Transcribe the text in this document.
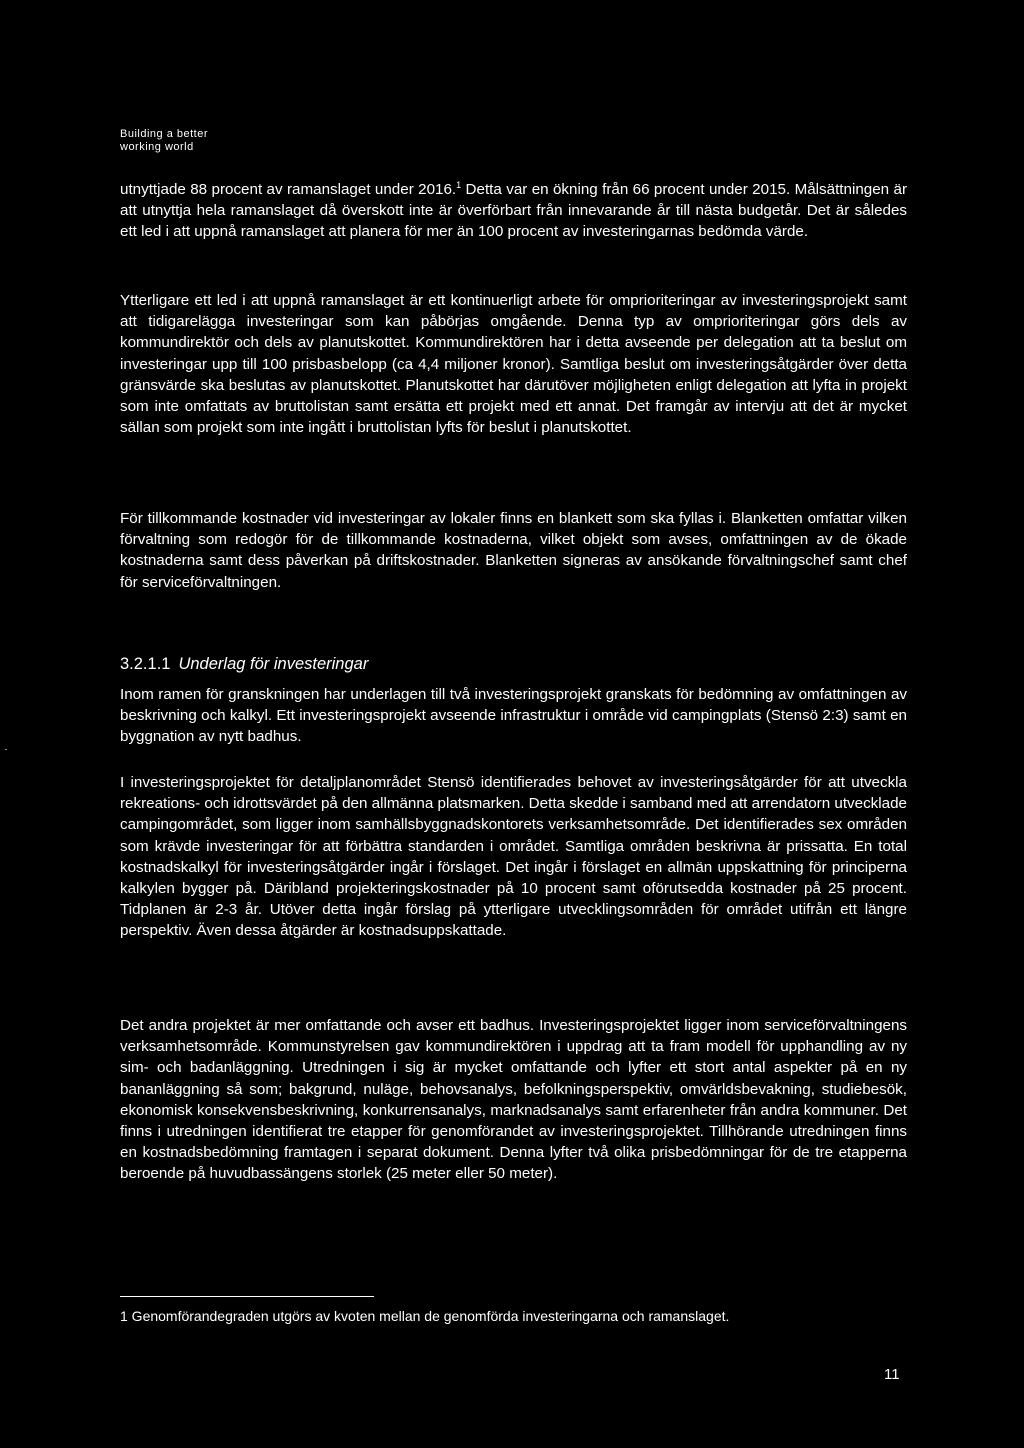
Building a better
working world

utnyttjade 88 procent av ramanslaget under 2016.$^1$ Detta var en ökning från 66 procent under 2015. Målsättningen är att utnyttja hela ramanslaget då överskott inte är överförbart från innevarande år till nästa budgetår. Det är således ett led i att uppnå ramanslaget att planera för mer än 100 procent av investeringarnas bedömda värde.

Ytterligare ett led i att uppnå ramanslaget är ett kontinuerligt arbete för omprioriteringar av investeringsprojekt samt att tidigarelägga investeringar som kan påbörjas omgående. Denna typ av omprioriteringar görs dels av kommundirektör och dels av planutskottet. Kommundirektören har i detta avseende per delegation att ta beslut om investeringar upp till 100 prisbasbelopp (ca 4,4 miljoner kronor). Samtliga beslut om investeringsåtgärder över detta gränsvärde ska beslutas av planutskottet. Planutskottet har därutöver möjligheten enligt delegation att lyfta in projekt som inte omfattats av bruttolistan samt ersätta ett projekt med ett annat. Det framgår av intervju att det är mycket sällan som projekt som inte ingått i bruttolistan lyfts för beslut i planutskottet.

För tillkommande kostnader vid investeringar av lokaler finns en blankett som ska fyllas i. Blanketten omfattar vilken förvaltning som redogör för de tillkommande kostnaderna, vilket objekt som avses, omfattningen av de ökade kostnaderna samt dess påverkan på driftskostnader. Blanketten signeras av ansökande förvaltningschef samt chef för serviceförvaltningen.

3.2.1.1 Underlag för investeringar

Inom ramen för granskningen har underlagen till två investeringsprojekt granskats för bedömning av omfattningen av beskrivning och kalkyl. Ett investeringsprojekt avseende infrastruktur i område vid campingplats (Stensö 2:3) samt en byggnation av nytt badhus.

I investeringsprojektet för detaljplanområdet Stensö identifierades behovet av investeringsåtgärder för att utveckla rekreations- och idrottsvärdet på den allmänna platsmarken. Detta skedde i samband med att arrendatorn utvecklade campingområdet, som ligger inom samhällsbyggnadskontorets verksamhetsområde. Det identifierades sex områden som krävde investeringar för att förbättra standarden i området. Samtliga områden beskrivna är prissatta. En total kostnadskalkyl för investeringsåtgärder ingår i förslaget. Det ingår i förslaget en allmän uppskattning för principerna kalkylen bygger på. Däribland projekteringskostnader på 10 procent samt oförutsedda kostnader på 25 procent. Tidplanen är 2-3 år. Utöver detta ingår förslag på ytterligare utvecklingsområden för området utifrån ett längre perspektiv. Även dessa åtgärder är kostnadsuppskattade.

Det andra projektet är mer omfattande och avser ett badhus. Investeringsprojektet ligger inom serviceförvaltningens verksamhetsområde. Kommunstyrelsen gav kommundirektören i uppdrag att ta fram modell för upphandling av ny sim- och badanläggning. Utredningen i sig är mycket omfattande och lyfter ett stort antal aspekter på en ny bananläggning så som; bakgrund, nuläge, behovsanalys, befolkningsperspektiv, omvärldsbevakning, studiebesök, ekonomisk konsekvensbeskrivning, konkurrensanalys, marknadsanalys samt erfarenheter från andra kommuner. Det finns i utredningen identifierat tre etapper för genomförandet av investeringsprojektet. Tillhörande utredningen finns en kostnadsbedömning framtagen i separat dokument. Denna lyfter två olika prisbedömningar för de tre etapperna beroende på huvudbassängens storlek (25 meter eller 50 meter).

1 Genomförandegraden utgörs av kvoten mellan de genomförda investeringarna och ramanslaget.
11
